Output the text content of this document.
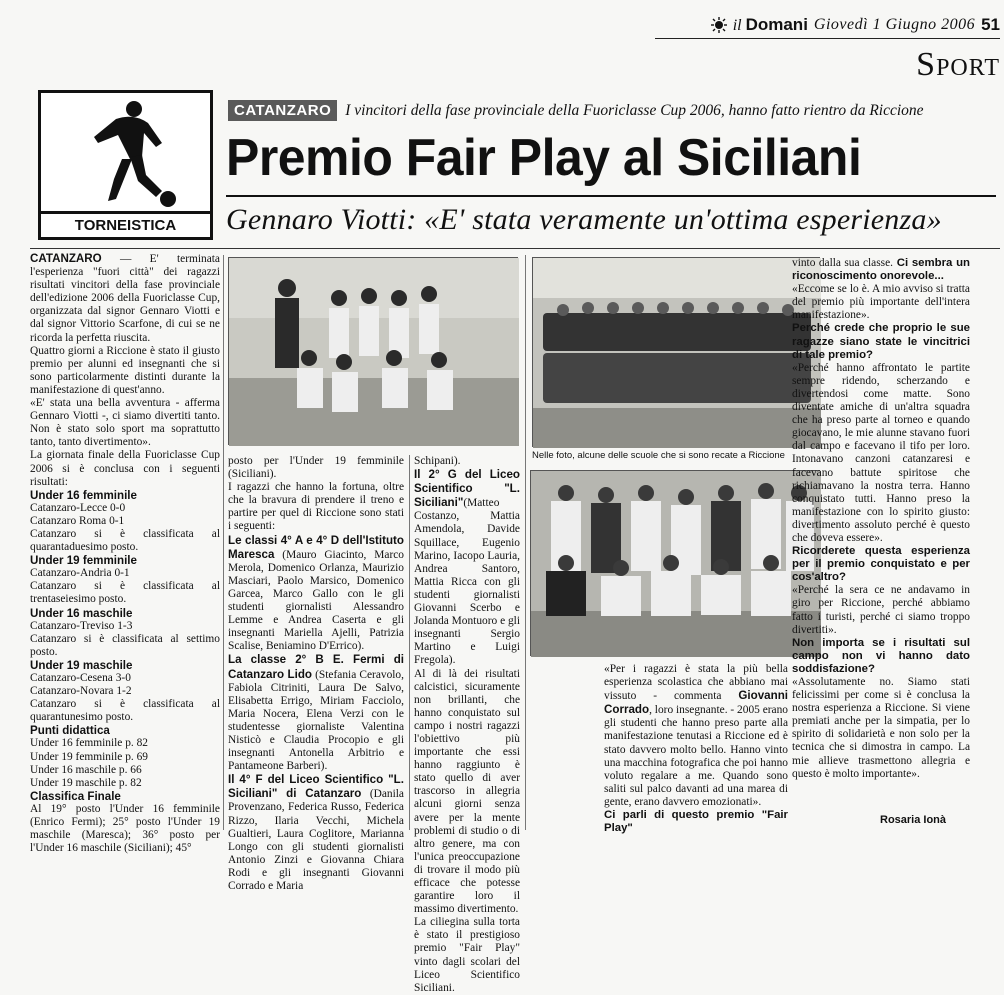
il Domani Giovedì 1 Giugno 2006 51
Sport
TORNEISTICA
CATANZARO I vincitori della fase provinciale della Fuoriclasse Cup 2006, hanno fatto rientro da Riccione
Premio Fair Play al Siciliani
Gennaro Viotti: «E' stata veramente un'ottima esperienza»

CATANZARO — E' terminata l'esperienza "fuori città" dei ragazzi risultati vincitori della fase provinciale dell'edizione 2006 della Fuoriclasse Cup, organizzata dal signor Gennaro Viotti e dal signor Vittorio Scarfone, di cui se ne ricorda la perfetta riuscita.

Quattro giorni a Riccione è stato il giusto premio per alunni ed insegnanti che si sono particolarmente distinti durante la manifestazione di quest'anno.

«E' stata una bella avventura - afferma Gennaro Viotti -, ci siamo divertiti tanto. Non è stato solo sport ma soprattutto tanto, tanto divertimento».

La giornata finale della Fuoriclasse Cup 2006 si è conclusa con i seguenti risultati:

Under 16 femminile

Catanzaro-Lecce 0-0

Catanzaro Roma 0-1

Catanzaro si è classificata al quarantaduesimo posto.

Under 19 femminile

Catanzaro-Andria 0-1

Catanzaro si è classificata al trentaseiesimo posto.

Under 16 maschile

Catanzaro-Treviso 1-3

Catanzaro si è classificata al settimo posto.

Under 19 maschile

Catanzaro-Cesena 3-0

Catanzaro-Novara 1-2

Catanzaro si è classificata al quarantunesimo posto.

Punti didattica

Under 16 femminile p. 82

Under 19 femminile p. 69

Under 16 maschile p. 66

Under 19 maschile p. 82

Classifica Finale

Al 19° posto l'Under 16 femminile (Enrico Fermi); 25° posto l'Under 19 maschile (Maresca); 36° posto per l'Under 16 maschile (Siciliani); 45°

Nelle foto, alcune delle scuole che si sono recate a Riccione

posto per l'Under 19 femminile (Siciliani).

I ragazzi che hanno la fortuna, oltre che la bravura di prendere il treno e partire per quel di Riccione sono stati i seguenti:

Le classi 4° A e 4° D dell'Istituto Maresca (Mauro Giacinto, Marco Merola, Domenico Orlanza, Maurizio Masciari, Paolo Marsico, Domenico Garcea, Marco Gallo con le gli studenti giornalisti Alessandro Lemme e Andrea Caserta e gli insegnanti Mariella Ajelli, Patrizia Scalise, Beniamino D'Errico).

La classe 2° B E. Fermi di Catanzaro Lido (Stefania Ceravolo, Fabiola Citriniti, Laura De Salvo, Elisabetta Errigo, Miriam Facciolo, Maria Nocera, Elena Verzi con le studentesse giornaliste Valentina Nisticò e Claudia Procopio e gli insegnanti Antonella Arbitrio e Pantameone Barberi).

Il 4° F del Liceo Scientifico "L. Siciliani" di Catanzaro (Danila Provenzano, Federica Russo, Federica Rizzo, Ilaria Vecchi, Michela Gualtieri, Laura Coglitore, Marianna Longo con gli studenti giornalisti Antonio Zinzi e Giovanna Chiara Rodi e gli insegnanti Giovanni Corrado e Maria

Schipani).

Il 2° G del Liceo Scientifico "L. Siciliani"(Matteo Costanzo, Mattia Amendola, Davide Squillace, Eugenio Marino, Iacopo Lauria, Andrea Santoro, Mattia Ricca con gli studenti giornalisti Giovanni Scerbo e Jolanda Montuoro e gli insegnanti Sergio Martino e Luigi Fregola).

Al di là dei risultati calcistici, sicuramente non brillanti, che hanno conquistato sul campo i nostri ragazzi l'obiettivo più importante che essi hanno raggiunto è stato quello di aver trascorso in allegria alcuni giorni senza avere per la mente problemi di studio o di altro genere, ma con l'unica preoccupazione di trovare il modo più efficace che potesse garantire loro il massimo divertimento.

La ciliegina sulla torta è stato il prestigioso premio "Fair Play" vinto dagli scolari del Liceo Scientifico Siciliani.

«Per i ragazzi è stata la più bella esperienza scolastica che abbiano mai vissuto - commenta Giovanni Corrado, loro insegnante. - 2005 erano gli studenti che hanno preso parte alla manifestazione tenutasi a Riccione ed è stato davvero molto bello. Hanno vinto una macchina fotografica che poi hanno voluto regalare a me. Quando sono saliti sul palco davanti ad una marea di gente, erano davvero emozionati».

Ci parli di questo premio "Fair Play"

vinto dalla sua classe. Ci sembra un riconoscimento onorevole...

«Eccome se lo è. A mio avviso si tratta del premio più importante dell'intera manifestazione».

Perché crede che proprio le sue ragazze siano state le vincitrici di tale premio?

«Perché hanno affrontato le partite sempre ridendo, scherzando e divertendosi come matte. Sono diventate amiche di un'altra squadra che ha preso parte al torneo e quando giocavano, le mie alunne stavano fuori dal campo e facevano il tifo per loro. Intonavano canzoni catanzaresi e facevano battute spiritose che richiamavano la nostra terra. Hanno conquistato tutti. Hanno preso la manifestazione con lo spirito giusto: divertimento assoluto perché è questo che doveva essere».

Ricorderete questa esperienza per il premio conquistato e per cos'altro?

«Perché la sera ce ne andavamo in giro per Riccione, perché abbiamo fatto i turisti, perché ci siamo troppo divertiti».

Non importa se i risultati sul campo non vi hanno dato soddisfazione?

«Assolutamente no. Siamo stati felicissimi per come si è conclusa la nostra esperienza a Riccione. Si viene premiati anche per la simpatia, per lo spirito di solidarietà e non solo per la tecnica che si dimostra in campo. La mie allieve trasmettono allegria e questo è molto importante».

Rosaria Ionà
